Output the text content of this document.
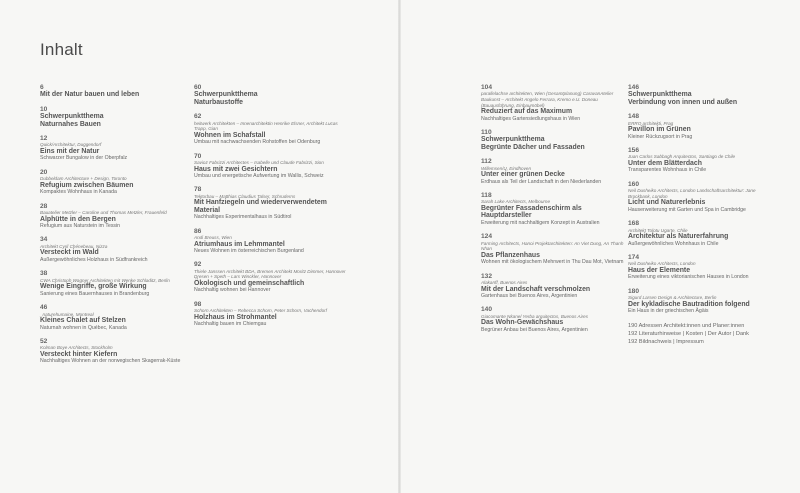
Inhalt
6
Mit der Natur bauen und leben
10
Schwerpunktthema
Naturnahes Bauen
12
Quick/Architektur, Duggendorf
Eins mit der Natur
Schwarzer Bungalow in der Oberpfalz
20
Dubbeldam Architecture + Design, Toronto
Refugium zwischen Bäumen
Kompaktes Wohnhaus in Kanada
28
Bauatelier Metzler – Caroline und Thomas Metzler, Frauenfeld
Alphütte in den Bergen
Refugium aus Naturstein im Tessin
34
Architekt Cyril Chénebeau, Nizza
Versteckt im Wald
Außergewöhnliches Holzhaus in Südfrankreich
38
CWA Christoph Wagner Architekten mit Wenke Schladitz, Berlin
Wenige Eingriffe, große Wirkung
Sanierung eines Bauernhauses in Brandenburg
46
_naturehumaine, Montreal
Kleines Chalet auf Stelzen
Naturnah wohnen in Québec, Kanada
52
Kolman Boye Architects, Stockholm
Versteckt hinter Kiefern
Nachhaltiges Wohnen an der norwegischen Skagerrak-Küste
60
Schwerpunktthema
Naturbaustoffe
62
heitwerk Architekten – Innenarchitektin Henrike Elsner, Architekt Lucas Trapp, Gian
Wohnen im Schafstall
Umbau mit nachwachsenden Rohstoffen bei Odenburg
70
Savioz Fabrizzi Architectes – Isabelle und Claude Fabrizzi, Sion
Haus mit zwei Gesichtern
Umbau und energetische Aufwertung im Wallis, Schweiz
78
Tektorbau – Matthias Claudius Talser, Schruderns
Mit Hanfziegeln und wiederverwendetem Material
Nachhaltiges Experimentalhaus in Südtirol
86
Andi Breuss, Wien
Atriumhaus im Lehmmantel
Neues Wohnen im österreichischen Burgenland
92
Thiele Janssen Architekt BDA, Bremen Architekt Moritz Dimmer, Hannover Dresen + Speth – Lars Winckler, Hannover
Ökologisch und gemeinschaftlich
Nachhaltig wohnen bei Hannover
98
Schorn Architekten – Rebecca Schorn, Peter Schorn, Vachendorf
Holzhaus im Strohmantel
Nachhaltig bauen im Chiemgau
104
parallelachse architekten, Wien (Gesamtplanung) CaravanAtelier Baukunst – Architekt Angelo Ferrara, Kremo e.U. Doneau (Bauausführung, Einbaumöbel)
Reduziert auf das Maximum
Nachhaltiges Gartensiedlungshaus in Wien
110
Schwerpunktthema
Begrünte Dächer und Fassaden
112
Willemsen/U, Eindhoven
Unter einer grünen Decke
Erdhaus als Teil der Landschaft in den Niederlanden
118
Sarah Lake Architects, Melbourne
Begrünter Fassadenschirm als Hauptdarsteller
Erweiterung mit nachhaltigem Konzept in Australien
124
Farming Architects, Hanoi Projektarchitekten: An Viet Dung, An Thanh Nhan
Das Pflanzenhaus
Wohnen mit ökologischem Mehrwert in Thu Dau Mot, Vietnam
132
Alakanff, Buenos Aires
Mit der Landschaft verschmolzen
Gartenhaus bei Buenos Aires, Argentinien
140
Giacomante Nkanel Yerba arquitectos, Buenos Aires
Das Wohn-Gewächshaus
Begrüner Anbau bei Buenos Aires, Argentinien
146
Schwerpunktthema
Verbindung von innen und außen
148
ERRO architekti, Prag
Pavillon im Grünen
Kleiner Rückzugsort in Prag
156
Juan Carlos Sabbagh Arquitectos, Santiago de Chile
Unter dem Blätterdach
Transparentes Wohnhaus in Chile
160
Neil Dusheiko Architects, London Landschaftsarchitektur: Jane Brockbank, London
Licht und Naturerlebnis
Hauserweiterung mit Garten und Spa in Cambridge
168
Architekt Tolotu Ugarte, Chile
Architektur als Naturerfahrung
Außergewöhnliches Wohnhaus in Chile
174
Neil Dusheiko Architects, London
Haus der Elemente
Erweiterung eines viktorianischen Hauses in London
180
Sigurd Larsen Design & Architecture, Berlin
Der kykladische Bautradition folgend
Ein Haus in der griechischen Ägäis
190 Adressen Architekt:innen und Planer:innen
192 Literaturhinweise | Kosten | Der Autor | Dank
192 Bildnachweis | Impressum
